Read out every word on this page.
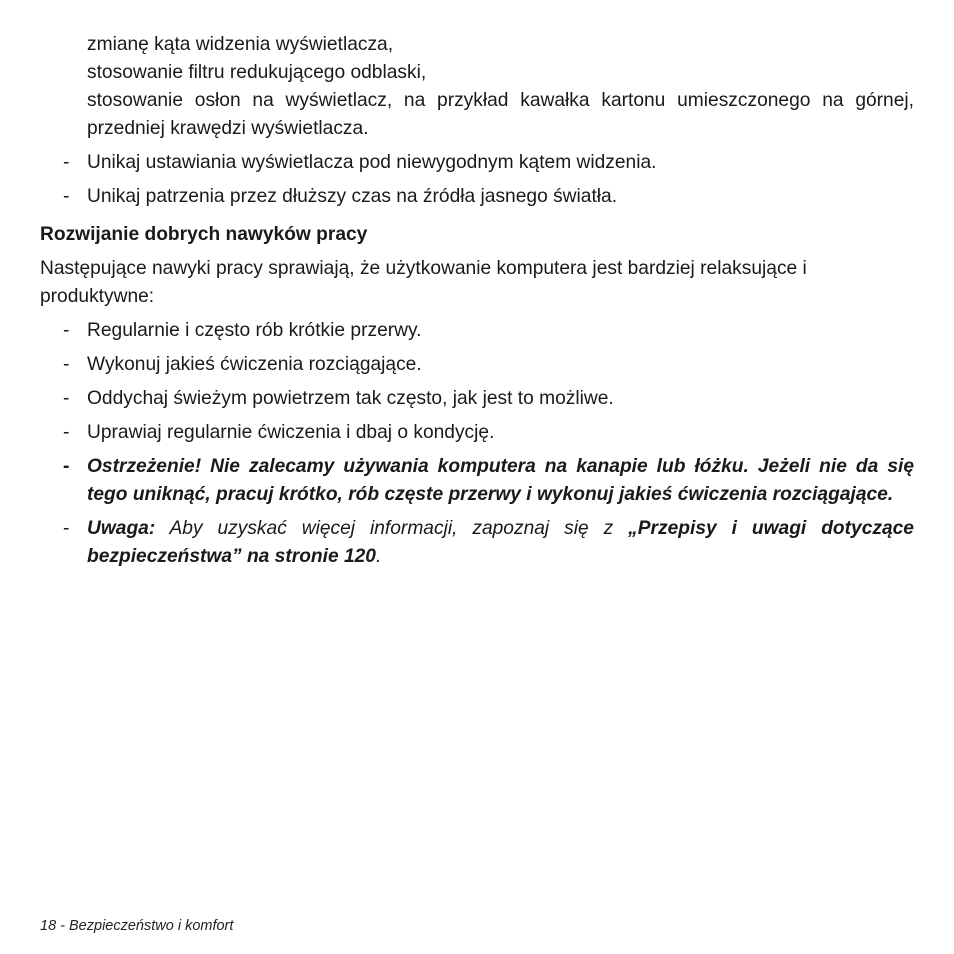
zmianę kąta widzenia wyświetlacza,

stosowanie filtru redukującego odblaski,

stosowanie osłon na wyświetlacz, na przykład kawałka kartonu umieszczonego na górnej, przedniej krawędzi wyświetlacza.

- Unikaj ustawiania wyświetlacza pod niewygodnym kątem widzenia.
- Unikaj patrzenia przez dłuższy czas na źródła jasnego światła.

Rozwijanie dobrych nawyków pracy

Następujące nawyki pracy sprawiają, że użytkowanie komputera jest bardziej relaksujące i produktywne:

- Regularnie i często rób krótkie przerwy.
- Wykonuj jakieś ćwiczenia rozciągające.
- Oddychaj świeżym powietrzem tak często, jak jest to możliwe.
- Uprawiaj regularnie ćwiczenia i dbaj o kondycję.
- Ostrzeżenie! Nie zalecamy używania komputera na kanapie lub łóżku. Jeżeli nie da się tego uniknąć, pracuj krótko, rób częste przerwy i wykonuj jakieś ćwiczenia rozciągające.
- Uwaga: Aby uzyskać więcej informacji, zapoznaj się z „Przepisy i uwagi dotyczące bezpieczeństwa” na stronie 120.
18 - Bezpieczeństwo i komfort
